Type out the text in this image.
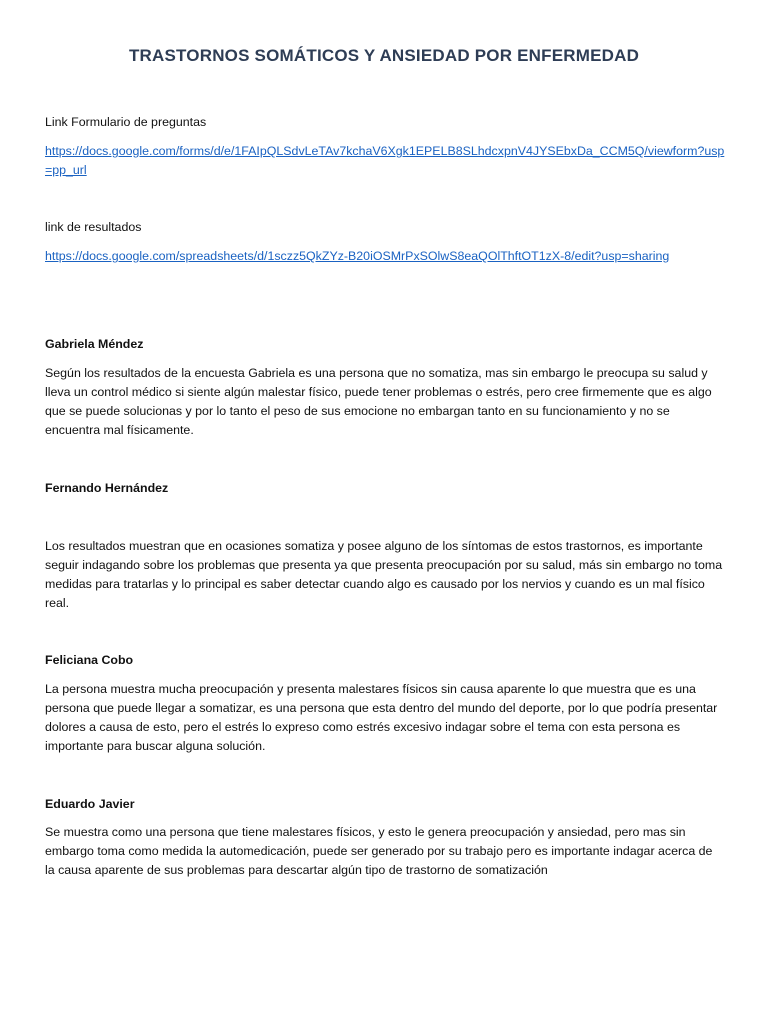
TRASTORNOS SOMÁTICOS Y ANSIEDAD POR ENFERMEDAD
Link Formulario de preguntas
https://docs.google.com/forms/d/e/1FAIpQLSdvLeTAv7kchaV6Xgk1EPELB8SLhdcxpnV4JYSEbxDa_CCM5Q/viewform?usp=pp_url
link de resultados
https://docs.google.com/spreadsheets/d/1sczz5QkZYz-B20iOSMrPxSOlwS8eaQOlThftOT1zX-8/edit?usp=sharing
Gabriela Méndez
Según los resultados de la encuesta Gabriela es una persona que no somatiza, mas sin embargo le preocupa su salud y lleva un control médico si siente algún malestar físico, puede tener problemas o estrés, pero cree firmemente que es algo que se puede solucionas y por lo tanto el peso de sus emocione no embargan tanto en su funcionamiento y no se encuentra mal físicamente.
Fernando Hernández
Los resultados muestran que en ocasiones somatiza y posee alguno de los síntomas de estos trastornos, es importante seguir indagando sobre los problemas que presenta ya que presenta preocupación por su salud, más sin embargo no toma medidas para tratarlas y lo principal es saber detectar cuando algo es causado por los nervios y cuando es un mal físico real.
Feliciana Cobo
La persona muestra mucha preocupación y presenta malestares físicos sin causa aparente lo que muestra que es una persona que puede llegar a somatizar, es una persona que esta dentro del mundo del deporte, por lo que podría presentar dolores a causa de esto, pero el estrés lo expreso como estrés excesivo indagar sobre el tema con esta persona es importante para buscar alguna solución.
Eduardo Javier
Se muestra como una persona que tiene malestares físicos, y esto le genera preocupación y ansiedad, pero mas sin embargo toma como medida la automedicación, puede ser generado por su trabajo pero es importante indagar acerca de la causa aparente de sus problemas para descartar algún tipo de trastorno de somatización
